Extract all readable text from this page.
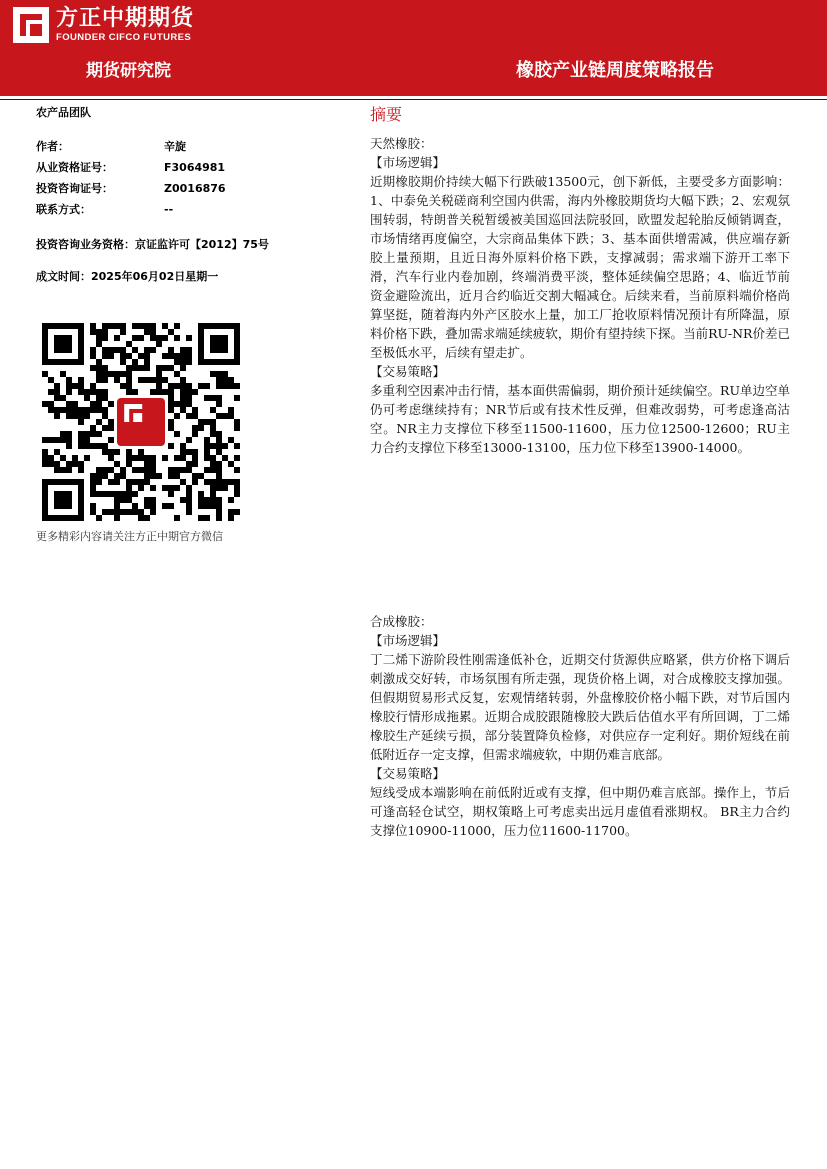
方正中期期货
FOUNDER CIFCO FUTURES
期货研究院	橡胶产业链周度策略报告
农产品团队
作者：	辛旋
从业资格证号：	F3064981
投资咨询证号：	Z0016876
联系方式：	--
投资咨询业务资格：京证监许可【2012】75号
成文时间：2025年06月02日星期一
更多精彩内容请关注方正中期官方微信
摘要

天然橡胶：

【市场逻辑】

近期橡胶期价持续大幅下行跌破13500元，创下新低，主要受多方面影响：1、中泰免关税磋商利空国内供需，海内外橡胶期货均大幅下跌；2、宏观氛围转弱，特朗普关税暂缓被美国巡回法院驳回，欧盟发起轮胎反倾销调查，市场情绪再度偏空，大宗商品集体下跌；3、基本面供增需减，供应端存新胶上量预期，且近日海外原料价格下跌，支撑减弱；需求端下游开工率下滑，汽车行业内卷加剧，终端消费平淡，整体延续偏空思路；4、临近节前资金避险流出，近月合约临近交割大幅减仓。后续来看，当前原料端价格尚算坚挺，随着海内外产区胶水上量，加工厂抢收原料情况预计有所降温，原料价格下跌，叠加需求端延续疲软，期价有望持续下探。当前RU-NR价差已至极低水平，后续有望走扩。

【交易策略】

多重利空因素冲击行情，基本面供需偏弱，期价预计延续偏空。RU单边空单仍可考虑继续持有；NR节后或有技术性反弹，但难改弱势，可考虑逢高沽空。NR主力支撑位下移至11500-11600，压力位12500-12600；RU主力合约支撑位下移至13000-13100，压力位下移至13900-14000。

合成橡胶：

【市场逻辑】

丁二烯下游阶段性刚需逢低补仓，近期交付货源供应略紧，供方价格下调后刺激成交好转，市场氛围有所走强，现货价格上调，对合成橡胶支撑加强。但假期贸易形式反复，宏观情绪转弱，外盘橡胶价格小幅下跌，对节后国内橡胶行情形成拖累。近期合成胶跟随橡胶大跌后估值水平有所回调，丁二烯橡胶生产延续亏损，部分装置降负检修，对供应存一定利好。期价短线在前低附近存一定支撑，但需求端疲软，中期仍难言底部。

【交易策略】

短线受成本端影响在前低附近或有支撑，但中期仍难言底部。操作上，节后可逢高轻仓试空，期权策略上可考虑卖出远月虚值看涨期权。 BR主力合约支撑位10900-11000，压力位11600-11700。
